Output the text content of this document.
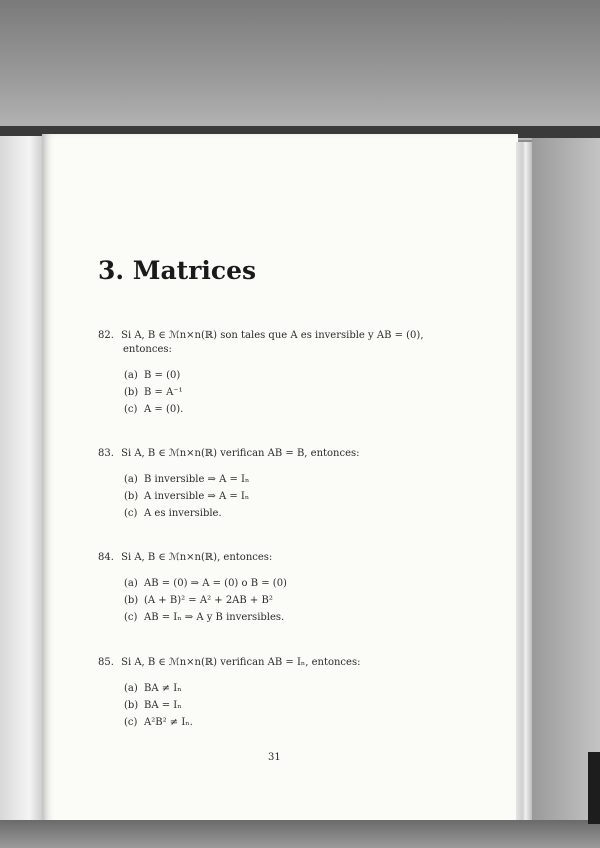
3. Matrices
82. Si A, B ∈ ℳn×n(ℝ) son tales que A es inversible y AB = (0),
entonces:
(a) B = (0)
(b) B = A⁻¹
(c) A = (0).
83. Si A, B ∈ ℳn×n(ℝ) verifican AB = B, entonces:
(a) B inversible ⇒ A = Iₙ
(b) A inversible ⇒ A = Iₙ
(c) A es inversible.
84. Si A, B ∈ ℳn×n(ℝ), entonces:
(a) AB = (0) ⇒ A = (0) o B = (0)
(b) (A + B)² = A² + 2AB + B²
(c) AB = Iₙ ⇒ A y B inversibles.
85. Si A, B ∈ ℳn×n(ℝ) verifican AB = Iₙ, entonces:
(a) BA ≠ Iₙ
(b) BA = Iₙ
(c) A²B² ≠ Iₙ.
31
